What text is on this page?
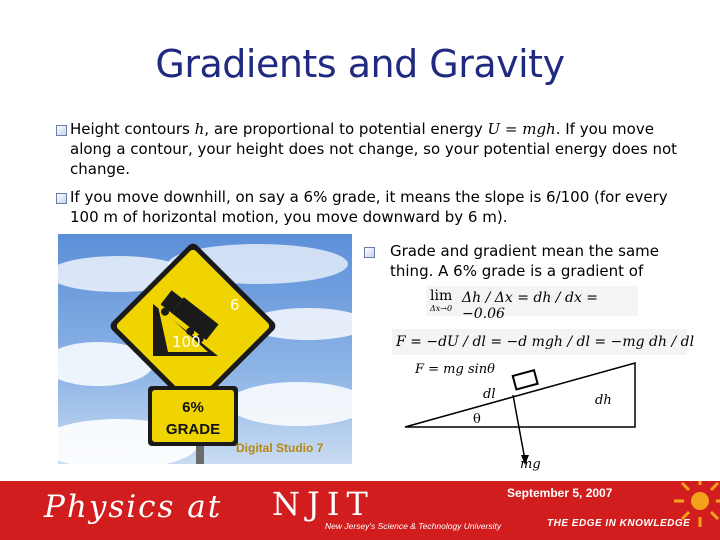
Gradients and Gravity
Height contours h, are proportional to potential energy U = mgh. If you move along a contour, your height does not change, so your potential energy does not change.
If you move downhill, on say a 6% grade, it means the slope is 6/100 (for every 100 m of horizontal motion, you move downward by 6 m).
Grade and gradient mean the same thing. A 6% grade is a gradient of
6%
GRADE
6
100
Digital Studio 7
lim
Δx→0
Δh / Δx = dh / dx = −0.06
F = −dU / dl = −d mgh / dl = −mg dh / dl
F = mg sinθ
dl	dh
θ
mg
Physics at NJIT
New Jersey's Science & Technology University
September 5, 2007
THE EDGE IN KNOWLEDGE
